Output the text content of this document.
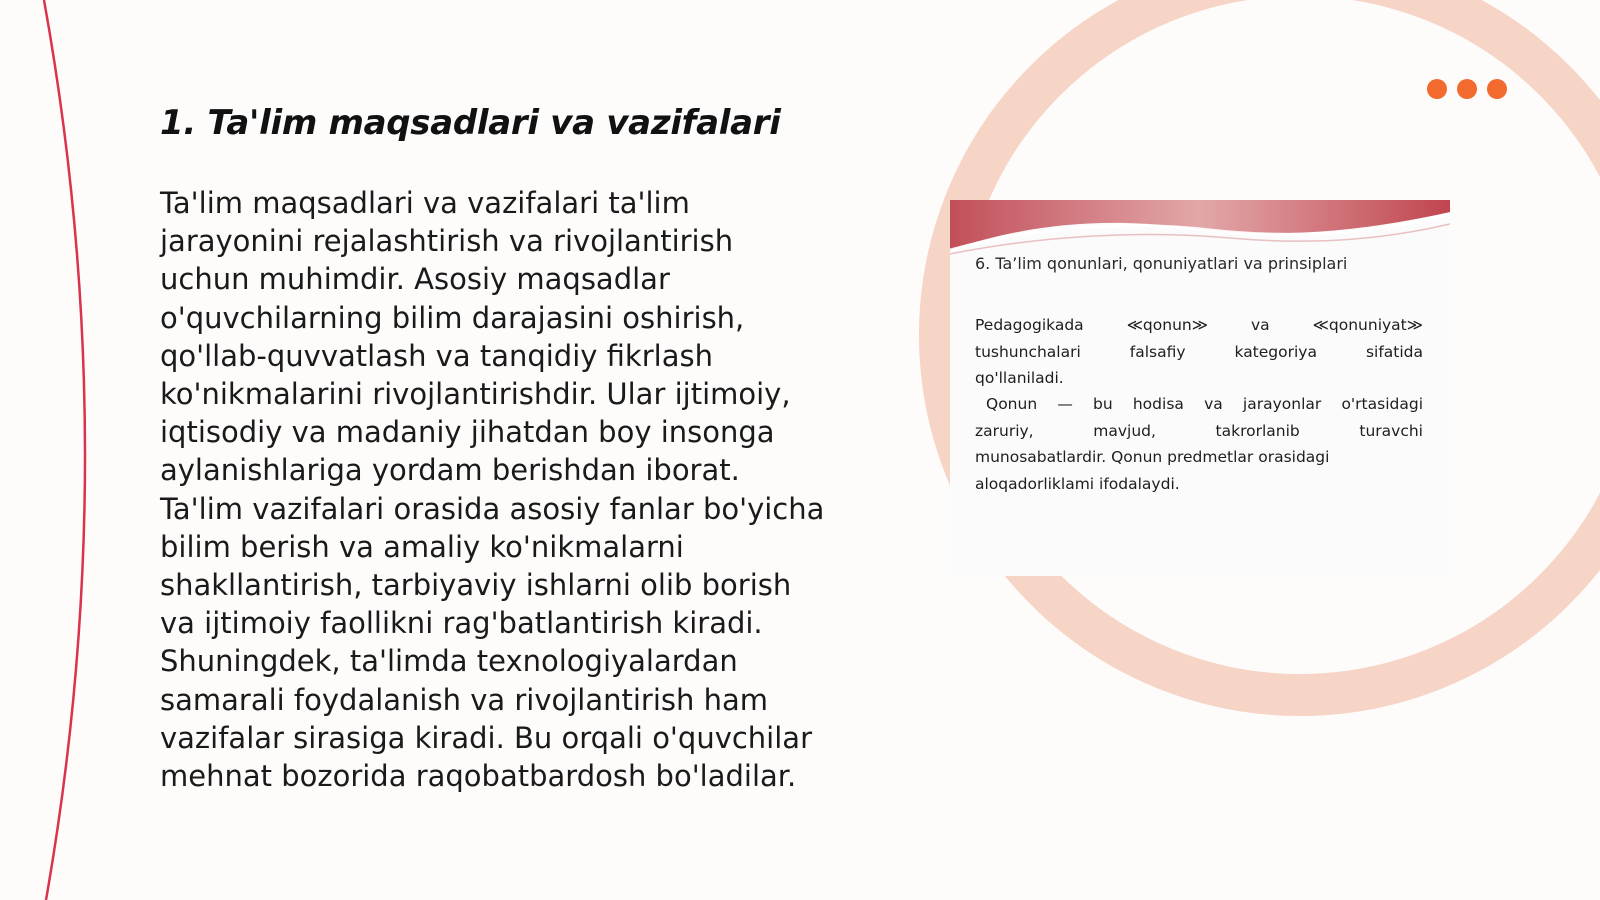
1. Ta'lim maqsadlari va vazifalari
Ta'lim maqsadlari va vazifalari ta'lim
jarayonini rejalashtirish va rivojlantirish
uchun muhimdir. Asosiy maqsadlar
o'quvchilarning bilim darajasini oshirish,
qo'llab-quvvatlash va tanqidiy fikrlash
ko'nikmalarini rivojlantirishdir. Ular ijtimoiy,
iqtisodiy va madaniy jihatdan boy insonga
aylanishlariga yordam berishdan iborat.
Ta'lim vazifalari orasida asosiy fanlar bo'yicha
bilim berish va amaliy ko'nikmalarni
shakllantirish, tarbiyaviy ishlarni olib borish
va ijtimoiy faollikni rag'batlantirish kiradi.
Shuningdek, ta'limda texnologiyalardan
samarali foydalanish va rivojlantirish ham
vazifalar sirasiga kiradi. Bu orqali o'quvchilar
mehnat bozorida raqobatbardosh bo'ladilar.

6. Ta’lim qonunlari, qonuniyatlari va prinsiplari

Pedagogikada ≪qonun≫ va ≪qonuniyat≫
tushunchalari falsafiy kategoriya sifatida
qo'llaniladi.
Qonun — bu hodisa va jarayonlar o'rtasidagi
zaruriy, mavjud, takrorlanib turavchi
munosabatlardir. Qonun predmetlar orasidagi
aloqadorliklami ifodalaydi.
